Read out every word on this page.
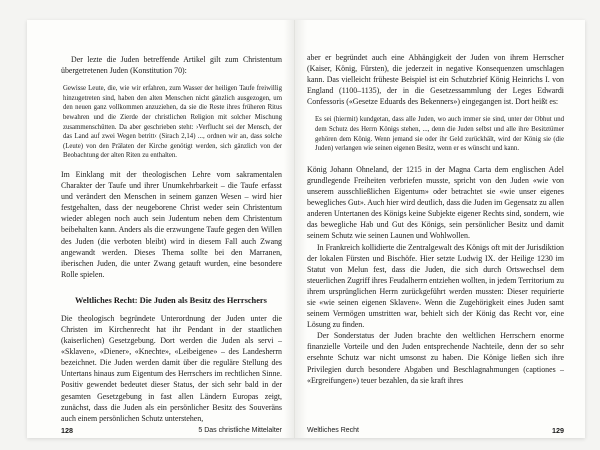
Der lezte die Juden betreffende Artikel gilt zum Christentum übergetretenen Juden (Konstitution 70):

Gewisse Leute, die, wie wir erfahren, zum Wasser der heiligen Taufe freiwillig hinzugetreten sind, haben den alten Menschen nicht gänzlich ausgezogen, um den neuen ganz vollkommen anzuziehen, da sie die Reste ihres früheren Ritus bewahren und die Zierde der christlichen Religion mit solcher Mischung zusammenschütten. Da aber geschrieben steht: ›Verflucht sei der Mensch, der das Land auf zwei Wegen betritt‹ (Sirach 2,14) ..., ordnen wir an, dass solche (Leute) von den Prälaten der Kirche genötigt werden, sich gänzlich von der Beobachtung der alten Riten zu enthalten.

Im Einklang mit der theologischen Lehre vom sakramentalen Charakter der Taufe und ihrer Unumkehrbarkeit – die Taufe erfasst und verändert den Menschen in seinem ganzen Wesen – wird hier festgehalten, dass der neugeborene Christ weder sein Christentum wieder ablegen noch auch sein Judentum neben dem Christentum beibehalten kann. Anders als die erzwungene Taufe gegen den Willen des Juden (die verboten bleibt) wird in diesem Fall auch Zwang angewandt werden. Dieses Thema sollte bei den Marranen, iberischen Juden, die unter Zwang getauft wurden, eine besondere Rolle spielen.

Weltliches Recht: Die Juden als Besitz des Herrschers

Die theologisch begründete Unterordnung der Juden unter die Christen im Kirchenrecht hat ihr Pendant in der staatlichen (kaiserlichen) Gesetzgebung. Dort werden die Juden als servi – «Sklaven», «Diener», «Knechte», «Leibeigene» – des Landesherrn bezeichnet. Die Juden werden damit über die reguläre Stellung des Untertans hinaus zum Eigentum des Herrschers im rechtlichen Sinne. Positiv gewendet bedeutet dieser Status, der sich sehr bald in der gesamten Gesetzgebung in fast allen Ländern Europas zeigt, zunächst, dass die Juden als ein persönlicher Besitz des Souveräns auch einem persönlichen Schutz unterstehen,

128	5 Das christliche Mittelalter

aber er begründet auch eine Abhängigkeit der Juden von ihrem Herrscher (Kaiser, König, Fürsten), die jederzeit in negative Konsequenzen umschlagen kann. Das vielleicht früheste Beispiel ist ein Schutzbrief König Heinrichs I. von England (1100–1135), der in die Gesetzessammlung der Leges Edwardi Confessoris («Gesetze Eduards des Bekenners») eingegangen ist. Dort heißt es:

Es sei (hiermit) kundgetan, dass alle Juden, wo auch immer sie sind, unter der Obhut und dem Schutz des Herrn Königs stehen, ..., denn die Juden selbst und alle ihre Besitztümer gehören dem König. Wenn jemand sie oder ihr Geld zurückhält, wird der König sie (die Juden) verlangen wie seinen eigenen Besitz, wenn er es wünscht und kann.

König Johann Ohneland, der 1215 in der Magna Carta dem englischen Adel grundlegende Freiheiten verbriefen musste, spricht von den Juden «wie von unserem ausschließlichen Eigentum» oder betrachtet sie «wie unser eigenes bewegliches Gut». Auch hier wird deutlich, dass die Juden im Gegensatz zu allen anderen Untertanen des Königs keine Subjekte eigener Rechts sind, sondern, wie das bewegliche Hab und Gut des Königs, sein persönlicher Besitz und damit seinem Schutz wie seinen Launen und Wohlwollen.

In Frankreich kollidierte die Zentralgewalt des Königs oft mit der Jurisdiktion der lokalen Fürsten und Bischöfe. Hier setzte Ludwig IX. der Heilige 1230 im Statut von Melun fest, dass die Juden, die sich durch Ortswechsel dem steuerlichen Zugriff ihres Feudalherrn entziehen wollten, in jedem Territorium zu ihrem ursprünglichen Herrn zurückgeführt werden mussten: Dieser requirierte sie «wie seinen eigenen Sklaven». Wenn die Zugehörigkeit eines Juden samt seinem Vermögen umstritten war, behielt sich der König das Recht vor, eine Lösung zu finden.

Der Sonderstatus der Juden brachte den weltlichen Herrschern enorme finanzielle Vorteile und den Juden entsprechende Nachteile, denn der so sehr ersehnte Schutz war nicht umsonst zu haben. Die Könige ließen sich ihre Privilegien durch besondere Abgaben und Beschlagnahmungen (captiones – «Ergreifungen») teuer bezahlen, da sie kraft ihres

Weltliches Recht	129
